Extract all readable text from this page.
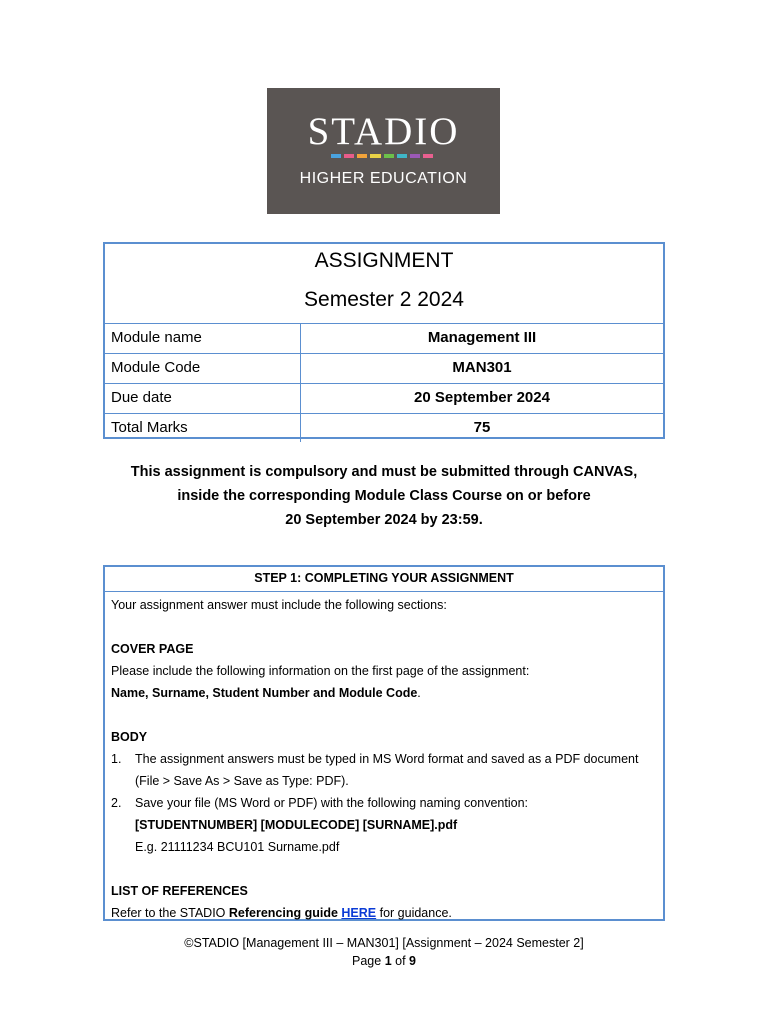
STADIO
HIGHER EDUCATION
ASSIGNMENT
Semester 2 2024
Module name	Management III
Module Code	MAN301
Due date	20 September 2024
Total Marks	75
This assignment is compulsory and must be submitted through CANVAS,
inside the corresponding Module Class Course on or before
20 September 2024 by 23:59.
STEP 1: COMPLETING YOUR ASSIGNMENT

Your assignment answer must include the following sections:

COVER PAGE

Please include the following information on the first page of the assignment:

Name, Surname, Student Number and Module Code.

BODY

1.	The assignment answers must be typed in MS Word format and saved as a PDF document (File > Save As > Save as Type: PDF).
2.	Save your file (MS Word or PDF) with the following naming convention:
[STUDENTNUMBER] [MODULECODE] [SURNAME].pdf
E.g. 21111234 BCU101 Surname.pdf

LIST OF REFERENCES

Refer to the STADIO Referencing guide HERE for guidance.

©STADIO [Management III – MAN301] [Assignment – 2024 Semester 2]
Page 1 of 9
